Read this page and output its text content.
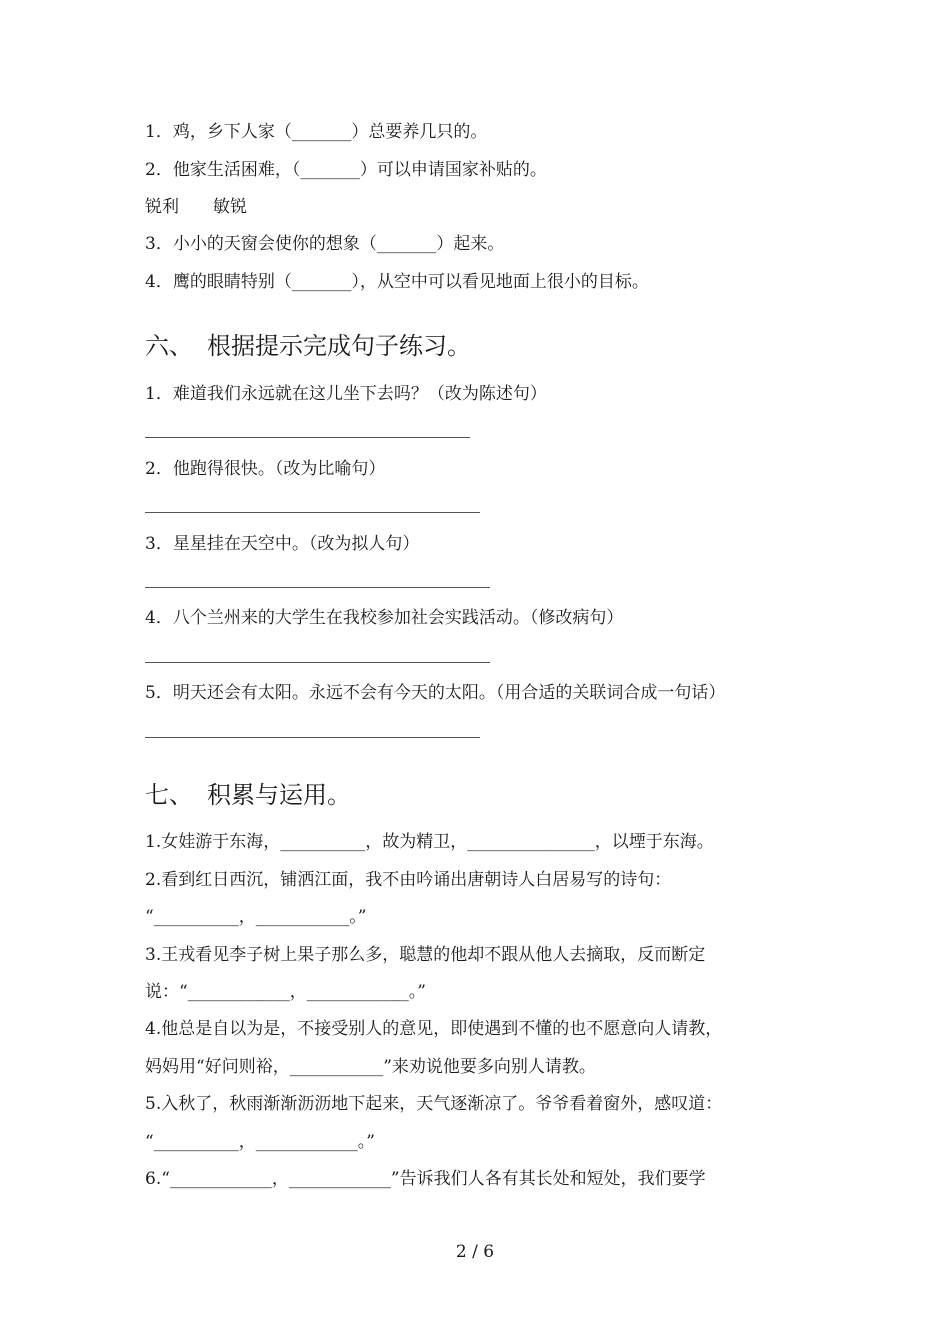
1．鸡，乡下人家（_______）总要养几只的。
2．他家生活困难，（_______）可以申请国家补贴的。
锐利　　敏锐
3．小小的天窗会使你的想象（_______）起来。
4．鹰的眼睛特别（_______），从空中可以看见地面上很小的目标。
六、 根据提示完成句子练习。
1．难道我们永远就在这儿坐下去吗？（改为陈述句）
2．他跑得很快。（改为比喻句）
3．星星挂在天空中。（改为拟人句）
4．八个兰州来的大学生在我校参加社会实践活动。（修改病句）
5．明天还会有太阳。永远不会有今天的太阳。（用合适的关联词合成一句话）
七、 积累与运用。
1.女娃游于东海，__________，故为精卫，_______________，以堙于东海。
2.看到红日西沉，铺洒江面，我不由吟诵出唐朝诗人白居易写的诗句：
“__________，___________。”
3.王戎看见李子树上果子那么多，聪慧的他却不跟从他人去摘取，反而断定
说：“____________，____________。”
4.他总是自以为是，不接受别人的意见，即使遇到不懂的也不愿意向人请教，
妈妈用“好问则裕，___________”来劝说他要多向别人请教。
5.入秋了，秋雨渐渐沥沥地下起来，天气逐渐凉了。爷爷看着窗外，感叹道：
“__________，____________。”
6.“____________，____________”告诉我们人各有其长处和短处，我们要学
2 / 6
